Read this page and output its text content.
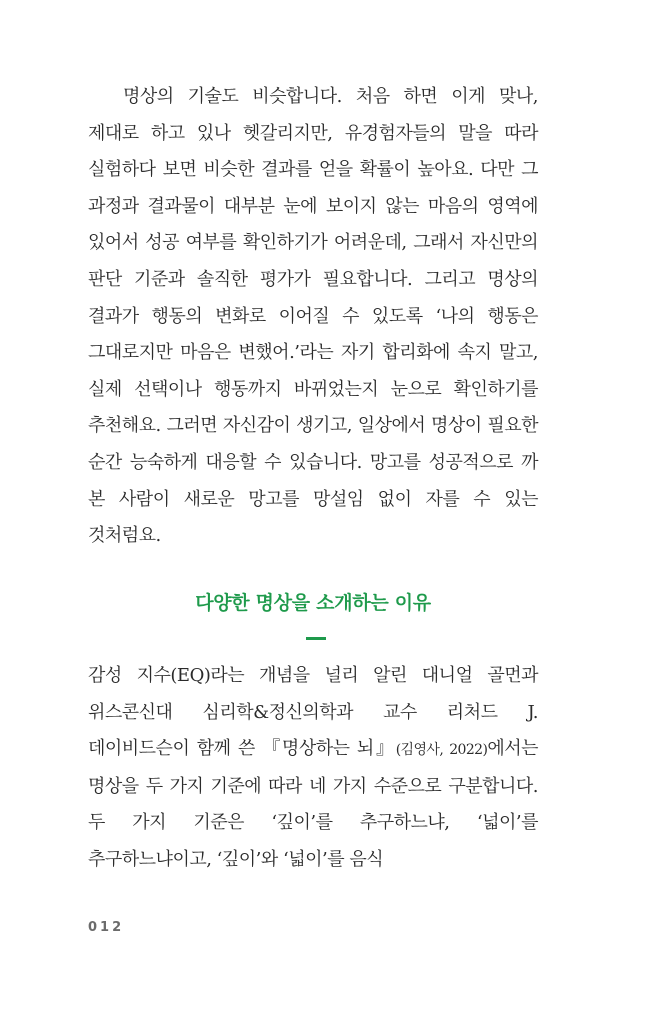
명상의 기술도 비슷합니다. 처음 하면 이게 맞나, 제대로 하고 있나 헷갈리지만, 유경험자들의 말을 따라 실험하다 보면 비슷한 결과를 얻을 확률이 높아요. 다만 그 과정과 결과물이 대부분 눈에 보이지 않는 마음의 영역에 있어서 성공 여부를 확인하기가 어려운데, 그래서 자신만의 판단 기준과 솔직한 평가가 필요합니다. 그리고 명상의 결과가 행동의 변화로 이어질 수 있도록 ‘나의 행동은 그대로지만 마음은 변했어.’라는 자기 합리화에 속지 말고, 실제 선택이나 행동까지 바뀌었는지 눈으로 확인하기를 추천해요. 그러면 자신감이 생기고, 일상에서 명상이 필요한 순간 능숙하게 대응할 수 있습니다. 망고를 성공적으로 까 본 사람이 새로운 망고를 망설임 없이 자를 수 있는 것처럼요.

다양한 명상을 소개하는 이유

감성 지수(EQ)라는 개념을 널리 알린 대니얼 골먼과 위스콘신대 심리학&정신의학과 교수 리처드 J. 데이비드슨이 함께 쓴 『명상하는 뇌』(김영사, 2022)에서는 명상을 두 가지 기준에 따라 네 가지 수준으로 구분합니다. 두 가지 기준은 ‘깊이’를 추구하느냐, ‘넓이’를 추구하느냐이고, ‘깊이’와 ‘넓이’를 음식

012
